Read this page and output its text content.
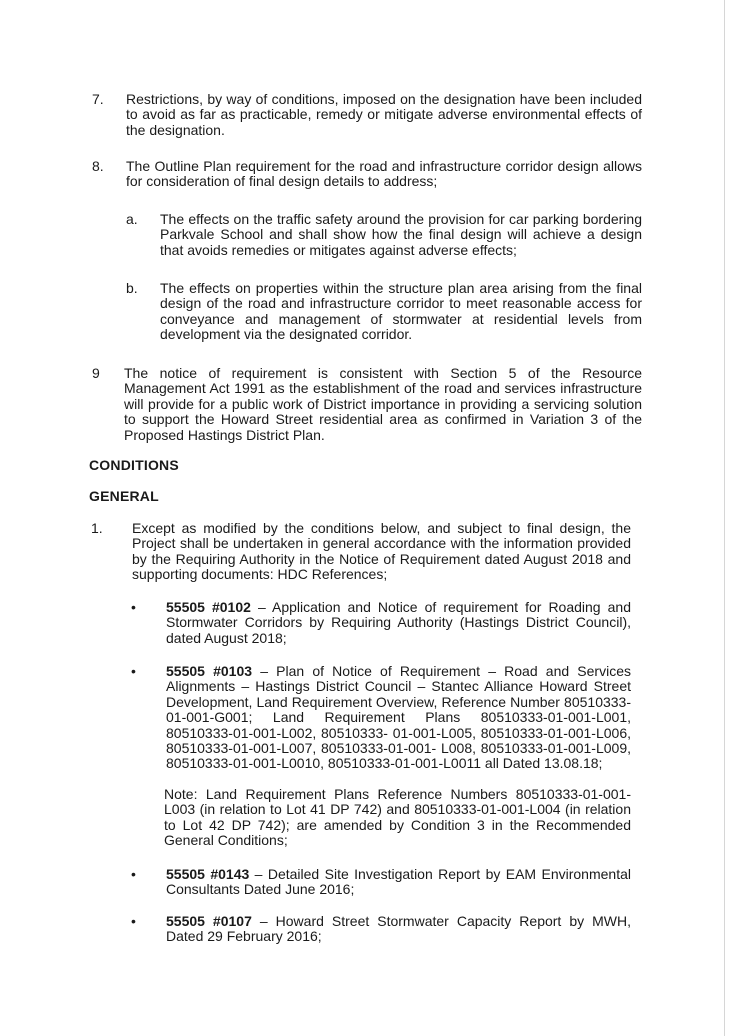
7. Restrictions, by way of conditions, imposed on the designation have been included to avoid as far as practicable, remedy or mitigate adverse environmental effects of the designation.
8. The Outline Plan requirement for the road and infrastructure corridor design allows for consideration of final design details to address;
a. The effects on the traffic safety around the provision for car parking bordering Parkvale School and shall show how the final design will achieve a design that avoids remedies or mitigates against adverse effects;
b. The effects on properties within the structure plan area arising from the final design of the road and infrastructure corridor to meet reasonable access for conveyance and management of stormwater at residential levels from development via the designated corridor.
9 The notice of requirement is consistent with Section 5 of the Resource Management Act 1991 as the establishment of the road and services infrastructure will provide for a public work of District importance in providing a servicing solution to support the Howard Street residential area as confirmed in Variation 3 of the Proposed Hastings District Plan.
CONDITIONS
GENERAL
1. Except as modified by the conditions below, and subject to final design, the Project shall be undertaken in general accordance with the information provided by the Requiring Authority in the Notice of Requirement dated August 2018 and supporting documents: HDC References;
• 55505 #0102 – Application and Notice of requirement for Roading and Stormwater Corridors by Requiring Authority (Hastings District Council), dated August 2018;
• 55505 #0103 – Plan of Notice of Requirement – Road and Services Alignments – Hastings District Council – Stantec Alliance Howard Street Development, Land Requirement Overview, Reference Number 80510333-01-001-G001; Land Requirement Plans 80510333-01-001-L001, 80510333-01-001-L002, 80510333- 01-001-L005, 80510333-01-001-L006, 80510333-01-001-L007, 80510333-01-001- L008, 80510333-01-001-L009, 80510333-01-001-L0010, 80510333-01-001-L0011 all Dated 13.08.18;
Note: Land Requirement Plans Reference Numbers 80510333-01-001-L003 (in relation to Lot 41 DP 742) and 80510333-01-001-L004 (in relation to Lot 42 DP 742); are amended by Condition 3 in the Recommended General Conditions;
• 55505 #0143 – Detailed Site Investigation Report by EAM Environmental Consultants Dated June 2016;
• 55505 #0107 – Howard Street Stormwater Capacity Report by MWH, Dated 29 February 2016;
